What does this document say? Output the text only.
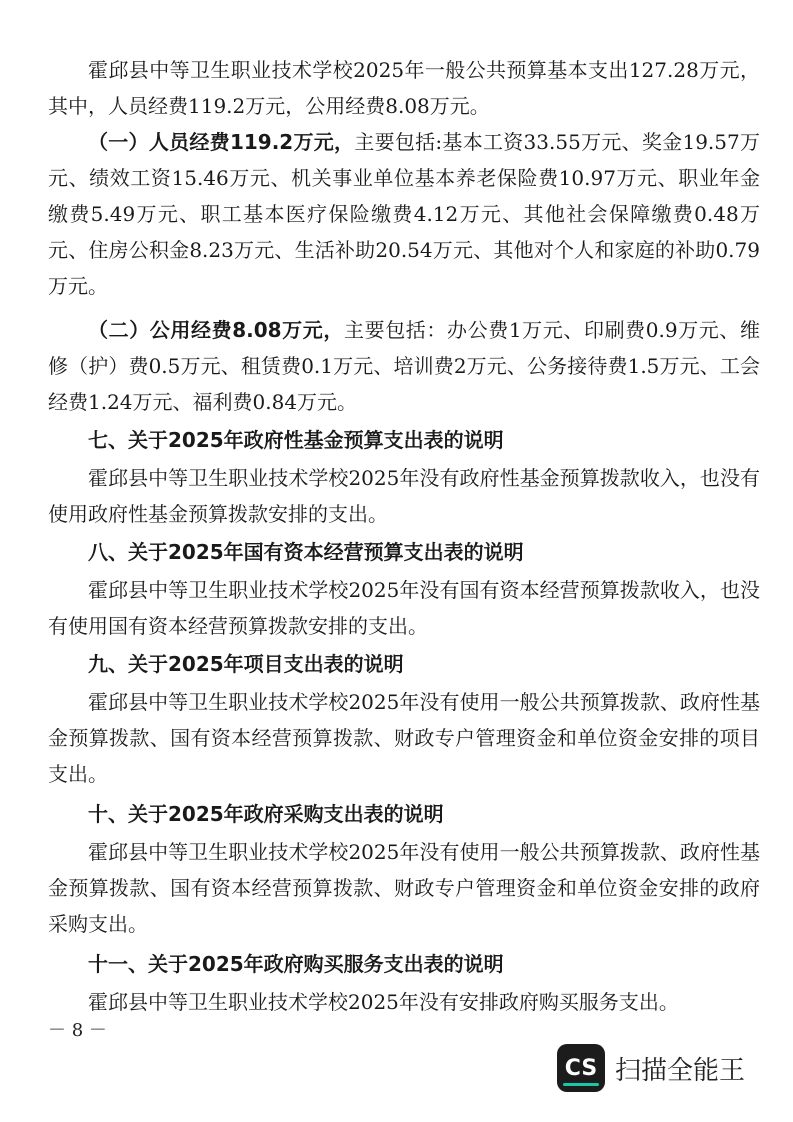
霍邱县中等卫生职业技术学校2025年一般公共预算基本支出127.28万元，其中，人员经费119.2万元，公用经费8.08万元。

（一）人员经费119.2万元，主要包括:基本工资33.55万元、奖金19.57万元、绩效工资15.46万元、机关事业单位基本养老保险费10.97万元、职业年金缴费5.49万元、职工基本医疗保险缴费4.12万元、其他社会保障缴费0.48万元、住房公积金8.23万元、生活补助20.54万元、其他对个人和家庭的补助0.79万元。

（二）公用经费8.08万元，主要包括：办公费1万元、印刷费0.9万元、维修（护）费0.5万元、租赁费0.1万元、培训费2万元、公务接待费1.5万元、工会经费1.24万元、福利费0.84万元。

七、关于2025年政府性基金预算支出表的说明

霍邱县中等卫生职业技术学校2025年没有政府性基金预算拨款收入，也没有使用政府性基金预算拨款安排的支出。

八、关于2025年国有资本经营预算支出表的说明

霍邱县中等卫生职业技术学校2025年没有国有资本经营预算拨款收入，也没有使用国有资本经营预算拨款安排的支出。

九、关于2025年项目支出表的说明

霍邱县中等卫生职业技术学校2025年没有使用一般公共预算拨款、政府性基金预算拨款、国有资本经营预算拨款、财政专户管理资金和单位资金安排的项目支出。

十、关于2025年政府采购支出表的说明

霍邱县中等卫生职业技术学校2025年没有使用一般公共预算拨款、政府性基金预算拨款、国有资本经营预算拨款、财政专户管理资金和单位资金安排的政府采购支出。

十一、关于2025年政府购买服务支出表的说明

霍邱县中等卫生职业技术学校2025年没有安排政府购买服务支出。

－ 8 －
CS 扫描全能王
